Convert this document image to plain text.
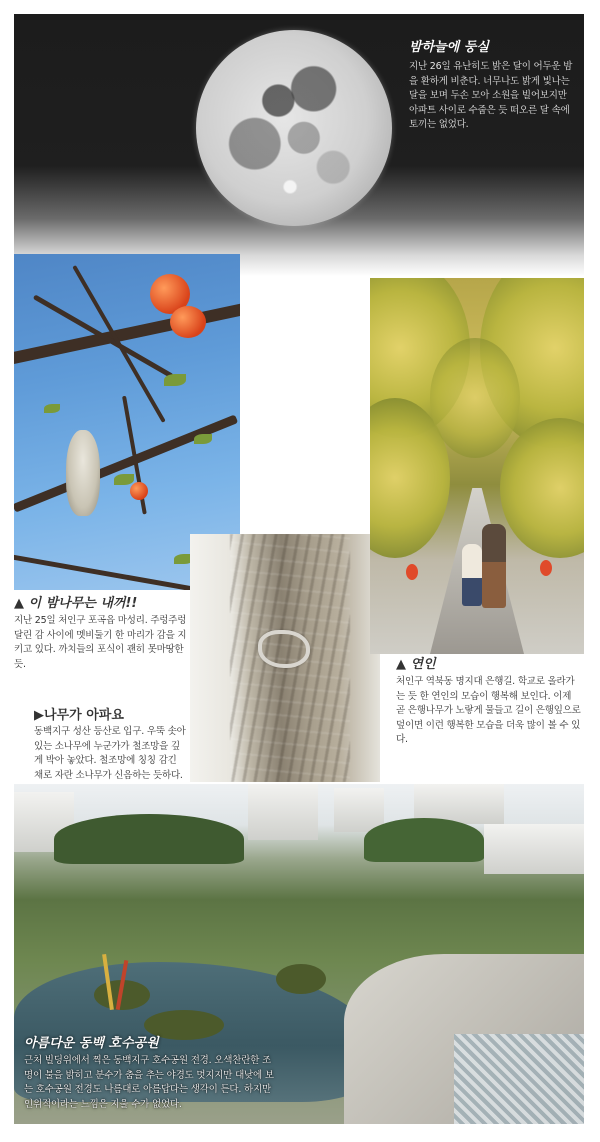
밤하늘에 둥실
지난 26일 유난히도 밝은 달이 어두운 밤을 환하게 비춘다. 너무나도 밝게 빛나는 달을 보며 두손 모아 소원을 빌어보지만 아파트 사이로 수줍은 듯 떠오른 달 속에 토끼는 없었다.
▲ 이 밤나무는 내꺼!!
지난 25일 처인구 포곡읍 마성리. 주렁주렁 달린 감 사이에 멧비둘기 한 마리가 감을 지키고 있다. 까치들의 포식이 괜히 못마땅한 듯.
▶나무가 아파요
동백지구 성산 등산로 입구. 우뚝 솟아있는 소나무에 누군가가 철조망을 깊게 박아 놓았다. 철조망에 칭칭 감긴 채로 자란 소나무가 신음하는 듯하다.
▲ 연인
처인구 역북동 명지대 은행길. 학교로 올라가는 듯 한 연인의 모습이 행복해 보인다. 이제 곧 은행나무가 노랗게 물들고 길이 은행잎으로 덮이면 이런 행복한 모습을 더욱 많이 볼 수 있다.
아름다운 동백 호수공원
근처 빌딩위에서 찍은 동백지구 호수공원 전경. 오색찬란한 조명이 불을 밝히고 분수가 춤을 추는 야경도 멋지지만 대낮에 보는 호수공원 전경도 나름대로 아름답다는 생각이 든다. 하지만 인위적이라는 느낌은 지울 수가 없었다.
